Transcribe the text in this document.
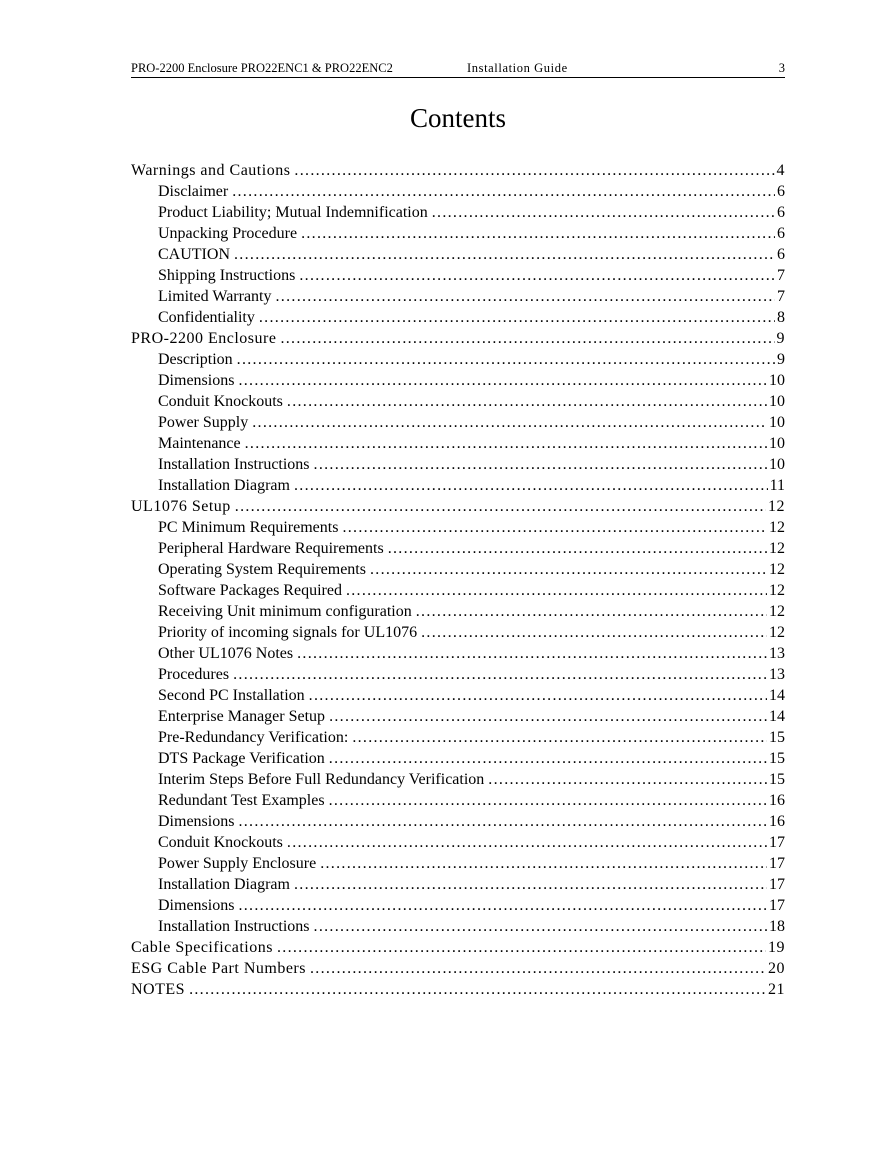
PRO-2200 Enclosure PRO22ENC1 & PRO22ENC2	Installation Guide	3
Contents
Warnings and Cautions .....	4
Disclaimer .....	6
Product Liability; Mutual Indemnification .....	6
Unpacking Procedure .....	6
CAUTION .....	6
Shipping Instructions .....	7
Limited Warranty .....	7
Confidentiality .....	8
PRO-2200 Enclosure .....	9
Description .....	9
Dimensions .....	10
Conduit Knockouts .....	10
Power Supply .....	10
Maintenance .....	10
Installation Instructions .....	10
Installation Diagram .....	11
UL1076 Setup .....	12
PC Minimum Requirements .....	12
Peripheral Hardware Requirements .....	12
Operating System Requirements .....	12
Software Packages Required .....	12
Receiving Unit minimum configuration .....	12
Priority of incoming signals for UL1076 .....	12
Other UL1076 Notes .....	13
Procedures .....	13
Second PC Installation .....	14
Enterprise Manager Setup .....	14
Pre-Redundancy Verification: .....	15
DTS Package Verification .....	15
Interim Steps Before Full Redundancy Verification .....	15
Redundant Test Examples .....	16
Dimensions .....	16
Conduit Knockouts .....	17
Power Supply Enclosure .....	17
Installation Diagram .....	17
Dimensions .....	17
Installation Instructions .....	18
Cable Specifications .....	19
ESG Cable Part Numbers .....	20
NOTES .....	21
